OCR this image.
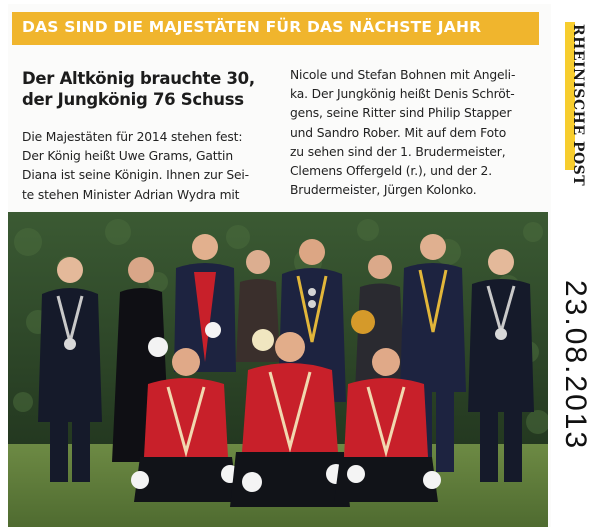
DAS SIND DIE MAJESTÄTEN FÜR DAS NÄCHSTE JAHR
Der Altkönig brauchte 30,
der Jungkönig 76 Schuss
Die Majestäten für 2014 stehen fest:
Der König heißt Uwe Grams, Gattin
Diana ist seine Königin. Ihnen zur Sei-
te stehen Minister Adrian Wydra mit
Nicole und Stefan Bohnen mit Angeli-
ka. Der Jungkönig heißt Denis Schröt-
gens, seine Ritter sind Philip Stapper
und Sandro Rober. Mit auf dem Foto
zu sehen sind der 1. Brudermeister,
Clemens Offergeld (r.), und der 2.
Brudermeister, Jürgen Kolonko.
RHEINISCHE POST
23.08.2013
